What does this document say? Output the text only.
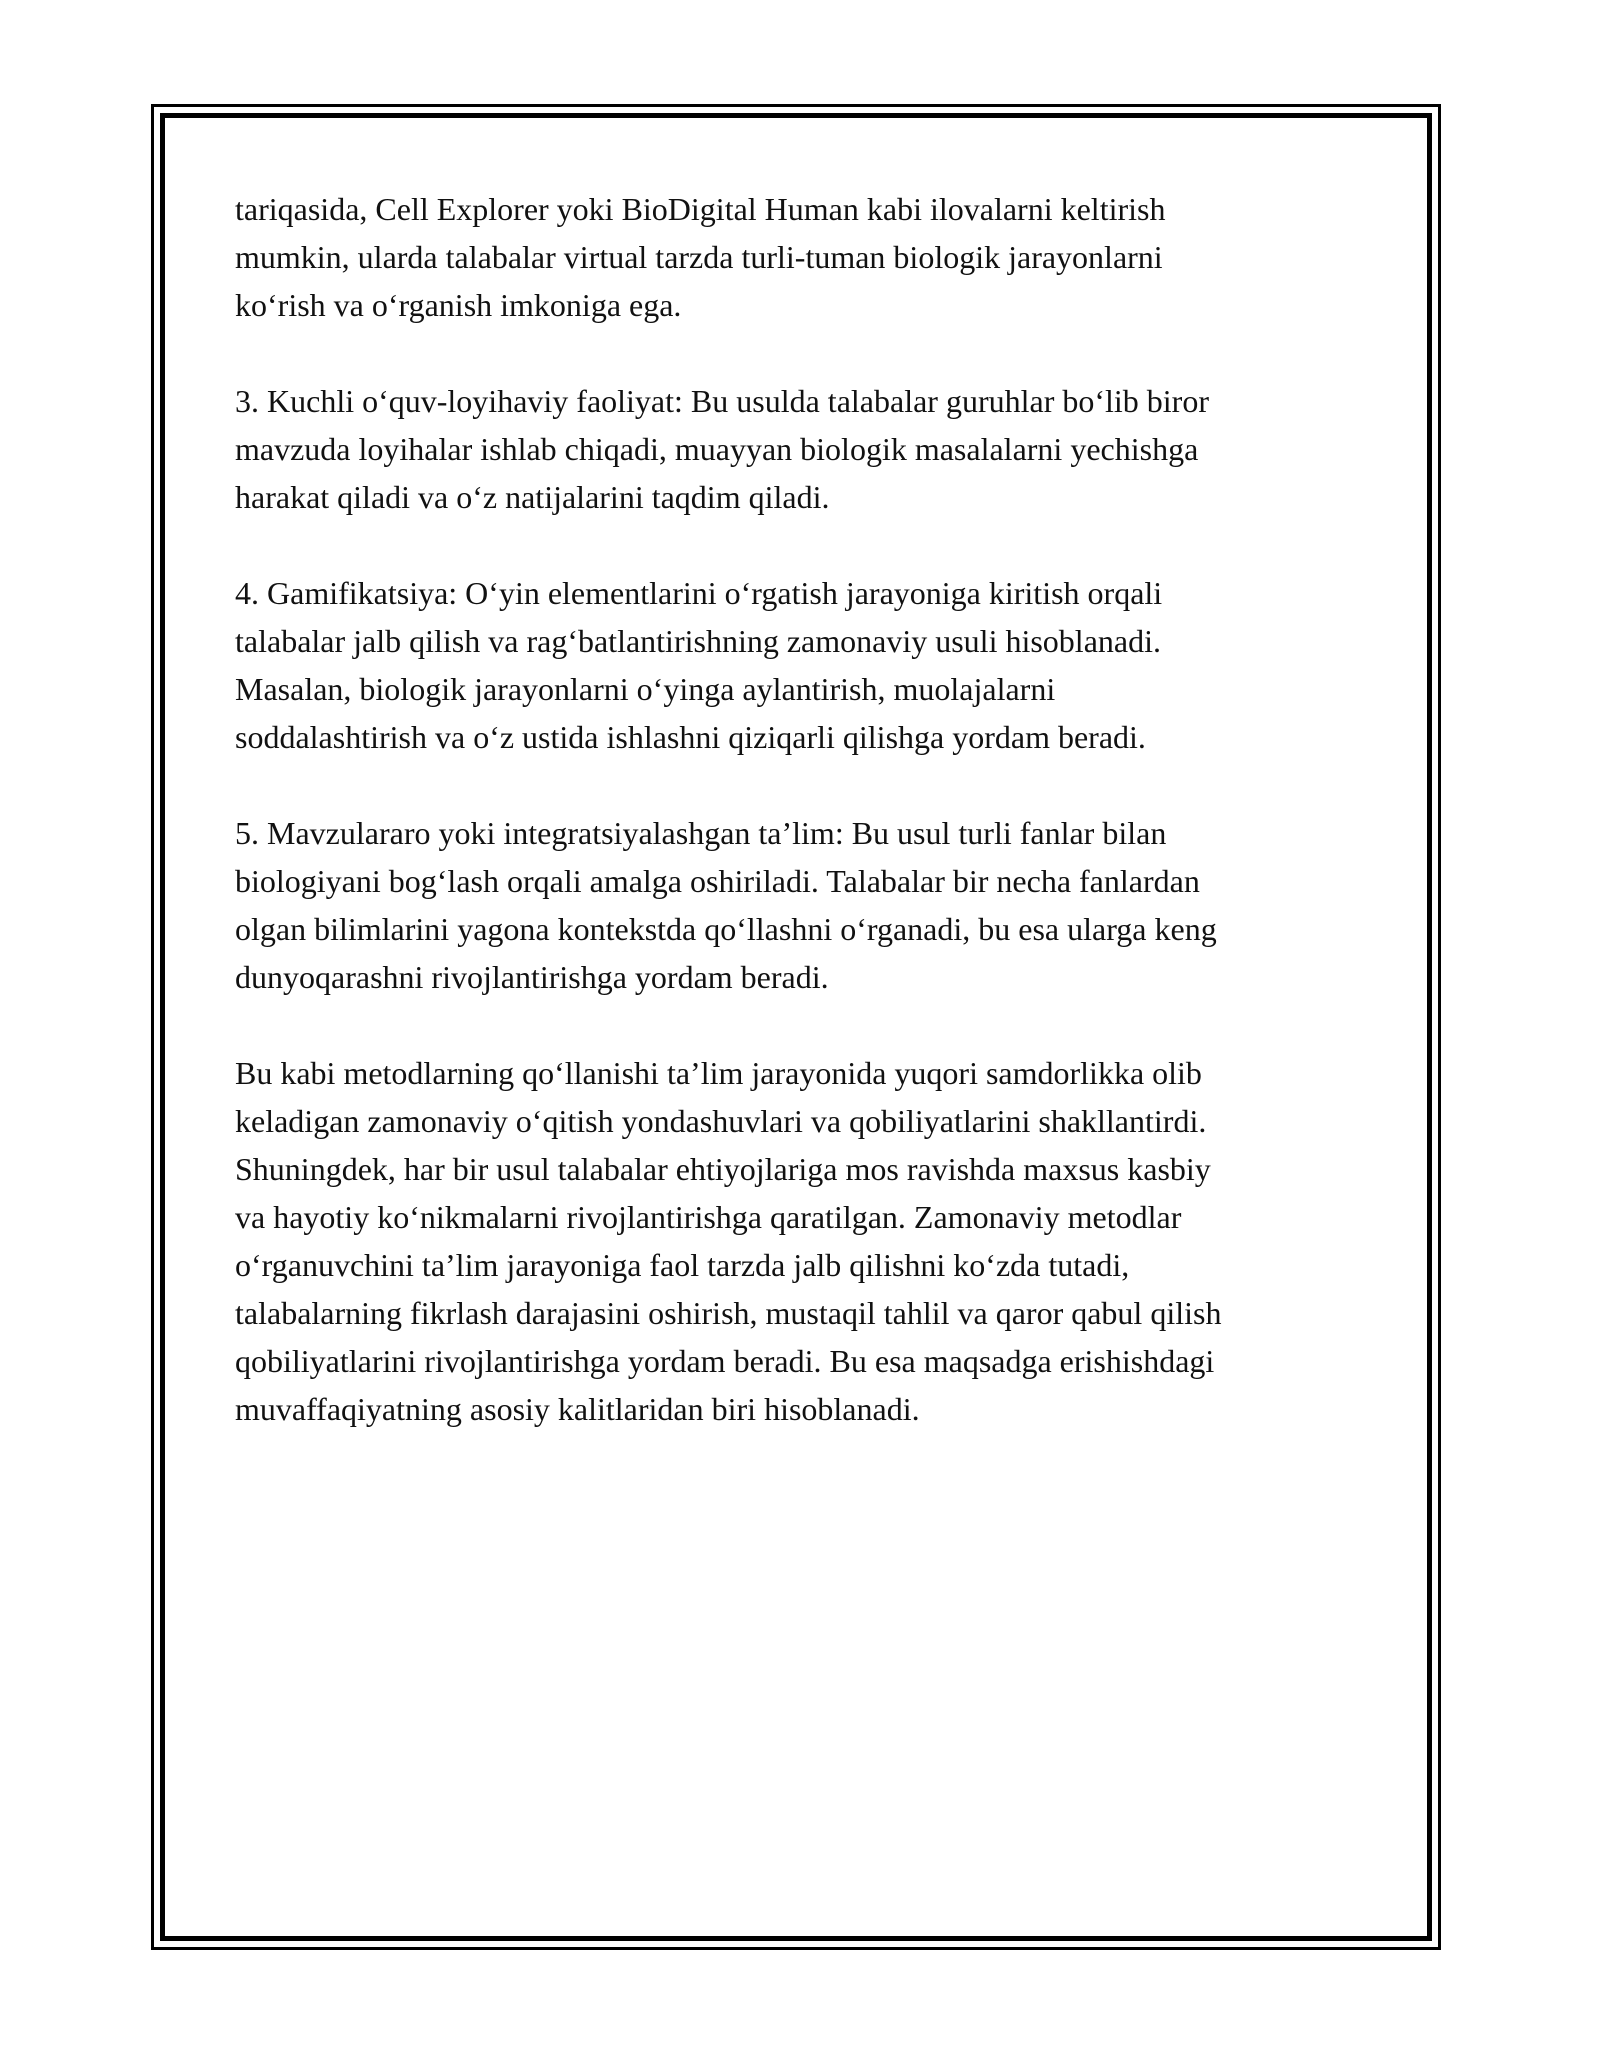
tariqasida, Cell Explorer yoki BioDigital Human kabi ilovalarni keltirish
mumkin, ularda talabalar virtual tarzda turli-tuman biologik jarayonlarni
koʻrish va oʻrganish imkoniga ega.

3. Kuchli oʻquv-loyihaviy faoliyat: Bu usulda talabalar guruhlar boʻlib biror
mavzuda loyihalar ishlab chiqadi, muayyan biologik masalalarni yechishga
harakat qiladi va oʻz natijalarini taqdim qiladi.

4. Gamifikatsiya: Oʻyin elementlarini oʻrgatish jarayoniga kiritish orqali
talabalar jalb qilish va ragʻbatlantirishning zamonaviy usuli hisoblanadi.
Masalan, biologik jarayonlarni oʻyinga aylantirish, muolajalarni
soddalashtirish va oʻz ustida ishlashni qiziqarli qilishga yordam beradi.

5. Mavzulararo yoki integratsiyalashgan ta’lim: Bu usul turli fanlar bilan
biologiyani bogʻlash orqali amalga oshiriladi. Talabalar bir necha fanlardan
olgan bilimlarini yagona kontekstda qoʻllashni oʻrganadi, bu esa ularga keng
dunyoqarashni rivojlantirishga yordam beradi.

Bu kabi metodlarning qoʻllanishi ta’lim jarayonida yuqori samdorlikka olib
keladigan zamonaviy oʻqitish yondashuvlari va qobiliyatlarini shakllantirdi.
Shuningdek, har bir usul talabalar ehtiyojlariga mos ravishda maxsus kasbiy
va hayotiy koʻnikmalarni rivojlantirishga qaratilgan. Zamonaviy metodlar
oʻrganuvchini ta’lim jarayoniga faol tarzda jalb qilishni koʻzda tutadi,
talabalarning fikrlash darajasini oshirish, mustaqil tahlil va qaror qabul qilish
qobiliyatlarini rivojlantirishga yordam beradi. Bu esa maqsadga erishishdagi
muvaffaqiyatning asosiy kalitlaridan biri hisoblanadi.
